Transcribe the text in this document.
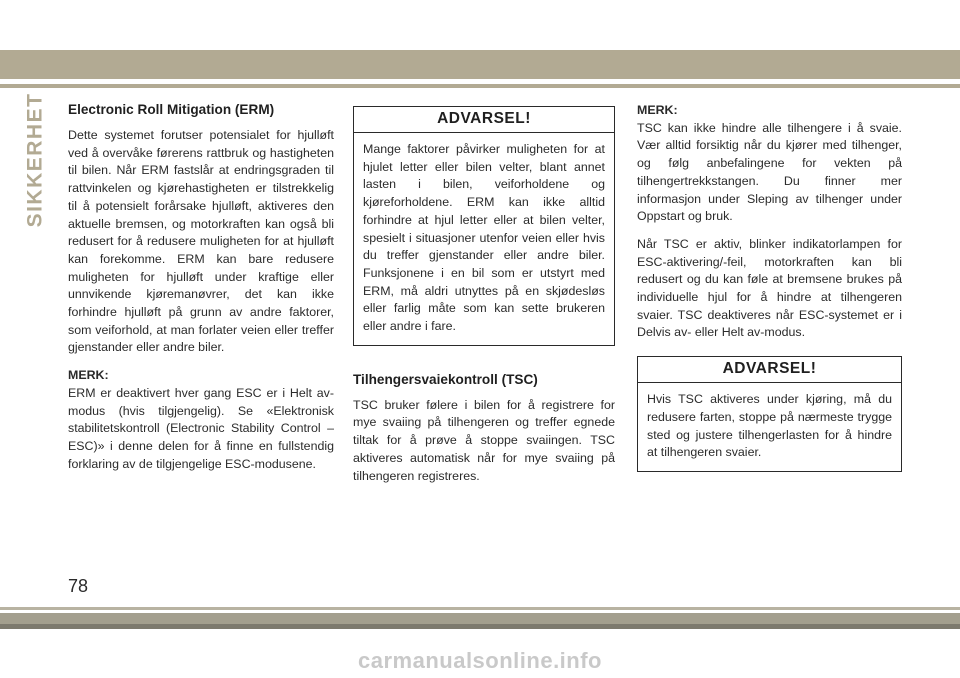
SIKKERHET Electronic Roll Mitigation (ERM)

Dette systemet forutser potensialet for hjulløft ved å overvåke førerens rattbruk og hastigheten til bilen. Når ERM fastslår at endringsgraden til rattvinkelen og kjørehastigheten er tilstrekkelig til å potensielt forårsake hjulløft, aktiveres den aktuelle bremsen, og motorkraften kan også bli redusert for å redusere muligheten for at hjulløft kan forekomme. ERM kan bare redusere muligheten for hjulløft under kraftige eller unnvikende kjøremanøvrer, det kan ikke forhindre hjulløft på grunn av andre faktorer, som veiforhold, at man forlater veien eller treffer gjenstander eller andre biler.

MERK:

ERM er deaktivert hver gang ESC er i Helt av-modus (hvis tilgjengelig). Se «Elektronisk stabilitetskontroll (Electronic Stability Control – ESC)» i denne delen for å finne en fullstendig forklaring av de tilgjengelige ESC-modusene.

ADVARSEL!
Mange faktorer påvirker muligheten for at hjulet letter eller bilen velter, blant annet lasten i bilen, veiforholdene og kjøreforholdene. ERM kan ikke alltid forhindre at hjul letter eller at bilen velter, spesielt i situasjoner utenfor veien eller hvis du treffer gjenstander eller andre biler. Funksjonene i en bil som er utstyrt med ERM, må aldri utnyttes på en skjødesløs eller farlig måte som kan sette brukeren eller andre i fare.
Tilhengersvaiekontroll (TSC)

TSC bruker følere i bilen for å registrere for mye svaiing på tilhengeren og treffer egnede tiltak for å prøve å stoppe svaiingen. TSC aktiveres automatisk når for mye svaiing på tilhengeren registreres.

MERK:

TSC kan ikke hindre alle tilhengere i å svaie. Vær alltid forsiktig når du kjører med tilhenger, og følg anbefalingene for vekten på tilhengertrekkstangen. Du finner mer informasjon under Sleping av tilhenger under Oppstart og bruk.

Når TSC er aktiv, blinker indikatorlampen for ESC-aktivering/-feil, motorkraften kan bli redusert og du kan føle at bremsene brukes på individuelle hjul for å hindre at tilhengeren svaier. TSC deaktiveres når ESC-systemet er i Delvis av- eller Helt av-modus.

ADVARSEL!
Hvis TSC aktiveres under kjøring, må du redusere farten, stoppe på nærmeste trygge sted og justere tilhengerlasten for å hindre at tilhengeren svaier.
78
carmanualsonline.info
